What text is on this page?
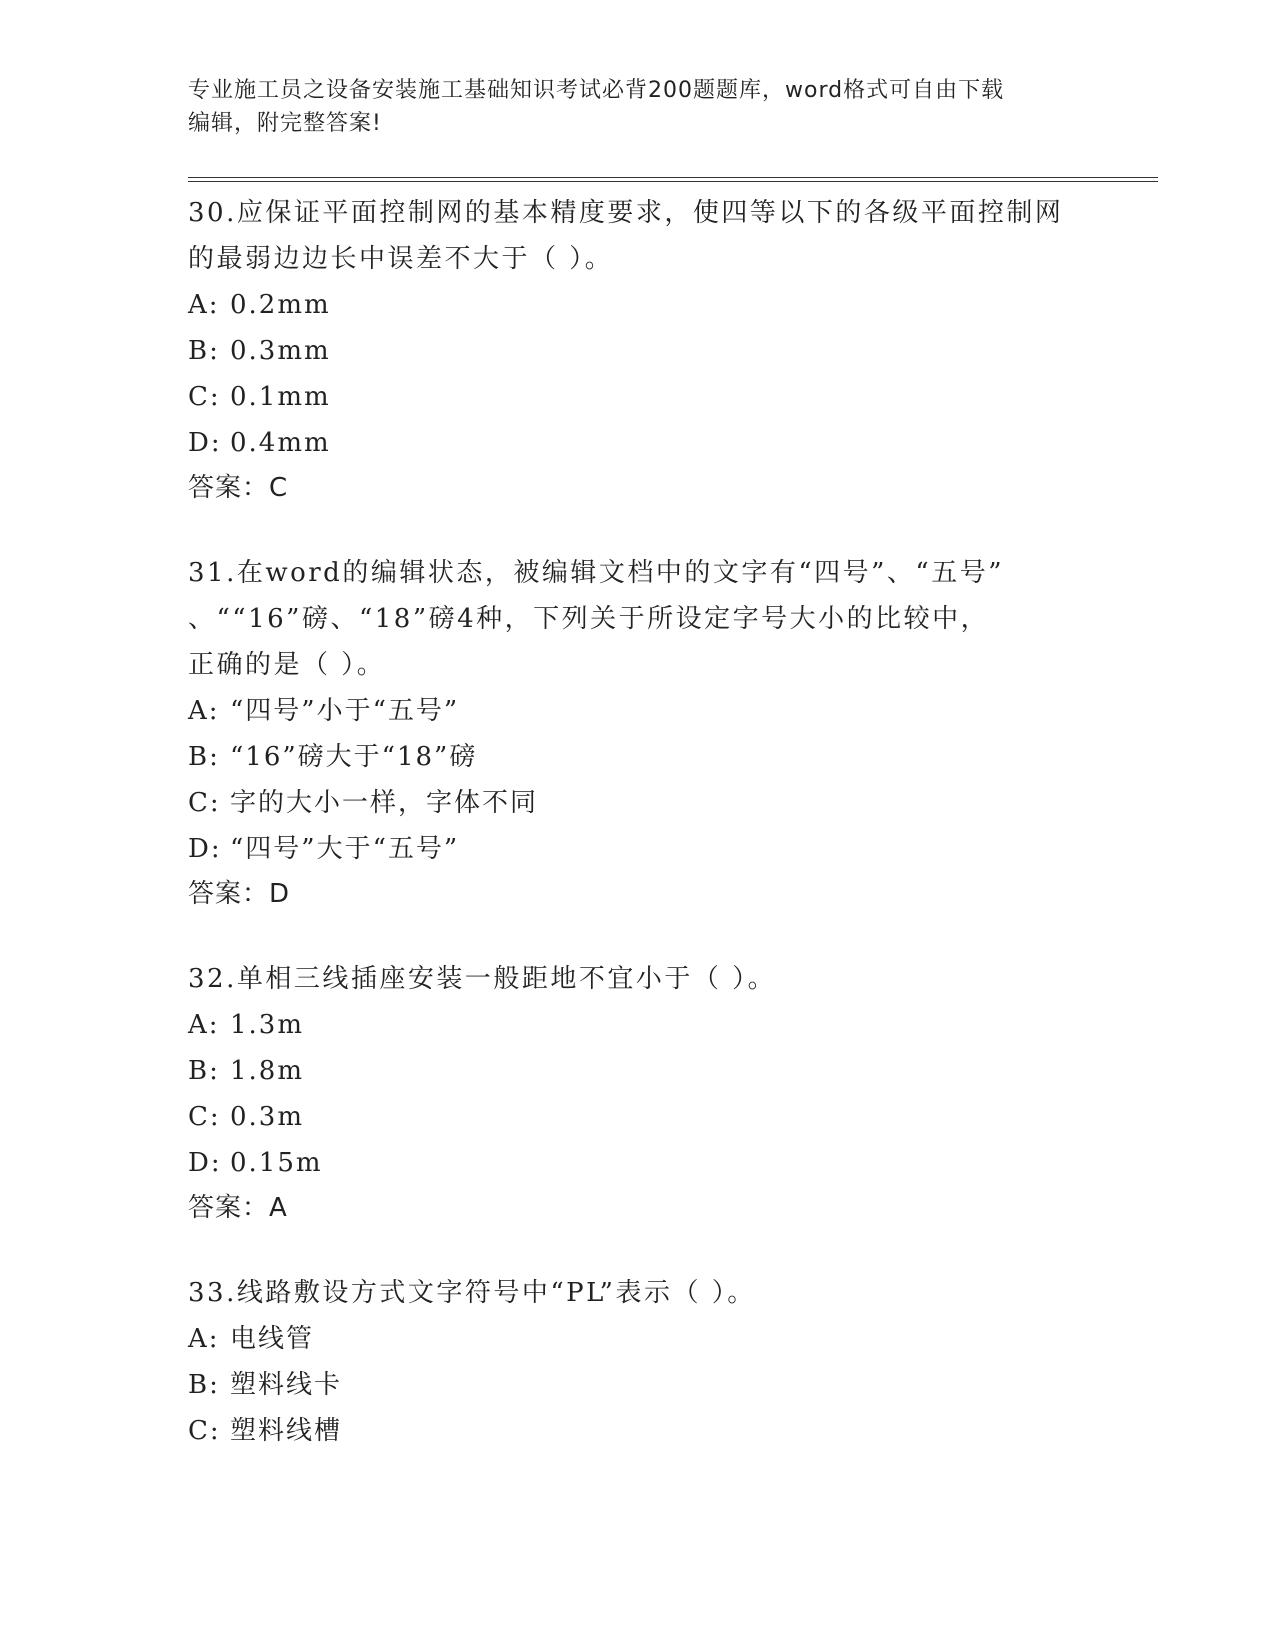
专业施工员之设备安装施工基础知识考试必背200题题库，word格式可自由下载
编辑，附完整答案!
30.应保证平面控制网的基本精度要求，使四等以下的各级平面控制网
的最弱边边长中误差不大于（ ）。
A: 0.2mm
B: 0.3mm
C: 0.1mm
D: 0.4mm
答案：C
31.在word的编辑状态，被编辑文档中的文字有“四号”、“五号”
、““16”磅、“18”磅4种，下列关于所设定字号大小的比较中，
正确的是（ ）。
A: “四号”小于“五号”
B: “16”磅大于“18”磅
C: 字的大小一样，字体不同
D: “四号”大于“五号”
答案：D
32.单相三线插座安装一般距地不宜小于（ ）。
A: 1.3m
B: 1.8m
C: 0.3m
D: 0.15m
答案：A
33.线路敷设方式文字符号中“PL”表示（ ）。
A: 电线管
B: 塑料线卡
C: 塑料线槽
